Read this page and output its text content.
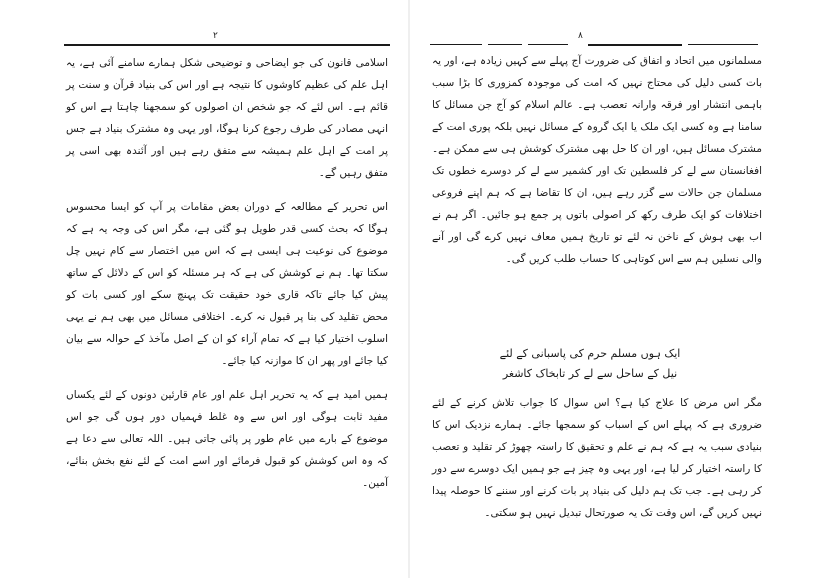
٢

اسلامی قانون کی جو ایضاحی و توضیحی شکل ہمارے سامنے آئی ہے، یہ اہل علم کی عظیم کاوشوں کا نتیجہ ہے اور اس کی بنیاد قرآن و سنت پر قائم ہے۔ اس لئے کہ جو شخص ان اصولوں کو سمجھنا چاہتا ہے اس کو انہی مصادر کی طرف رجوع کرنا ہوگا، اور یہی وہ مشترک بنیاد ہے جس پر امت کے اہل علم ہمیشہ سے متفق رہے ہیں اور آئندہ بھی اسی پر متفق رہیں گے۔

اس تحریر کے مطالعہ کے دوران بعض مقامات پر آپ کو ایسا محسوس ہوگا کہ بحث کسی قدر طویل ہو گئی ہے، مگر اس کی وجہ یہ ہے کہ موضوع کی نوعیت ہی ایسی ہے کہ اس میں اختصار سے کام نہیں چل سکتا تھا۔ ہم نے کوشش کی ہے کہ ہر مسئلہ کو اس کے دلائل کے ساتھ پیش کیا جائے تاکہ قاری خود حقیقت تک پہنچ سکے اور کسی بات کو محض تقلید کی بنا پر قبول نہ کرے۔ اختلافی مسائل میں بھی ہم نے یہی اسلوب اختیار کیا ہے کہ تمام آراء کو ان کے اصل مآخذ کے حوالہ سے بیان کیا جائے اور پھر ان کا موازنہ کیا جائے۔

ہمیں امید ہے کہ یہ تحریر اہل علم اور عام قارئین دونوں کے لئے یکساں مفید ثابت ہوگی اور اس سے وہ غلط فہمیاں دور ہوں گی جو اس موضوع کے بارے میں عام طور پر پائی جاتی ہیں۔ اللہ تعالی سے دعا ہے کہ وہ اس کوشش کو قبول فرمائے اور اسے امت کے لئے نفع بخش بنائے، آمین۔

٨

مسلمانوں میں اتحاد و اتفاق کی ضرورت آج پہلے سے کہیں زیادہ ہے، اور یہ بات کسی دلیل کی محتاج نہیں کہ امت کی موجودہ کمزوری کا بڑا سبب باہمی انتشار اور فرقہ وارانہ تعصب ہے۔ عالم اسلام کو آج جن مسائل کا سامنا ہے وہ کسی ایک ملک یا ایک گروہ کے مسائل نہیں بلکہ پوری امت کے مشترک مسائل ہیں، اور ان کا حل بھی مشترک کوشش ہی سے ممکن ہے۔ افغانستان سے لے کر فلسطین تک اور کشمیر سے لے کر دوسرے خطوں تک مسلمان جن حالات سے گزر رہے ہیں، ان کا تقاضا ہے کہ ہم اپنے فروعی اختلافات کو ایک طرف رکھ کر اصولی باتوں پر جمع ہو جائیں۔ اگر ہم نے اب بھی ہوش کے ناخن نہ لئے تو تاریخ ہمیں معاف نہیں کرے گی اور آنے والی نسلیں ہم سے اس کوتاہی کا حساب طلب کریں گی۔

ایک ہوں مسلم حرم کی پاسبانی کے لئے
نیل کے ساحل سے لے کر تابخاک کاشغر

مگر اس مرض کا علاج کیا ہے؟ اس سوال کا جواب تلاش کرنے کے لئے ضروری ہے کہ پہلے اس کے اسباب کو سمجھا جائے۔ ہمارے نزدیک اس کا بنیادی سبب یہ ہے کہ ہم نے علم و تحقیق کا راستہ چھوڑ کر تقلید و تعصب کا راستہ اختیار کر لیا ہے، اور یہی وہ چیز ہے جو ہمیں ایک دوسرے سے دور کر رہی ہے۔ جب تک ہم دلیل کی بنیاد پر بات کرنے اور سننے کا حوصلہ پیدا نہیں کریں گے، اس وقت تک یہ صورتحال تبدیل نہیں ہو سکتی۔
